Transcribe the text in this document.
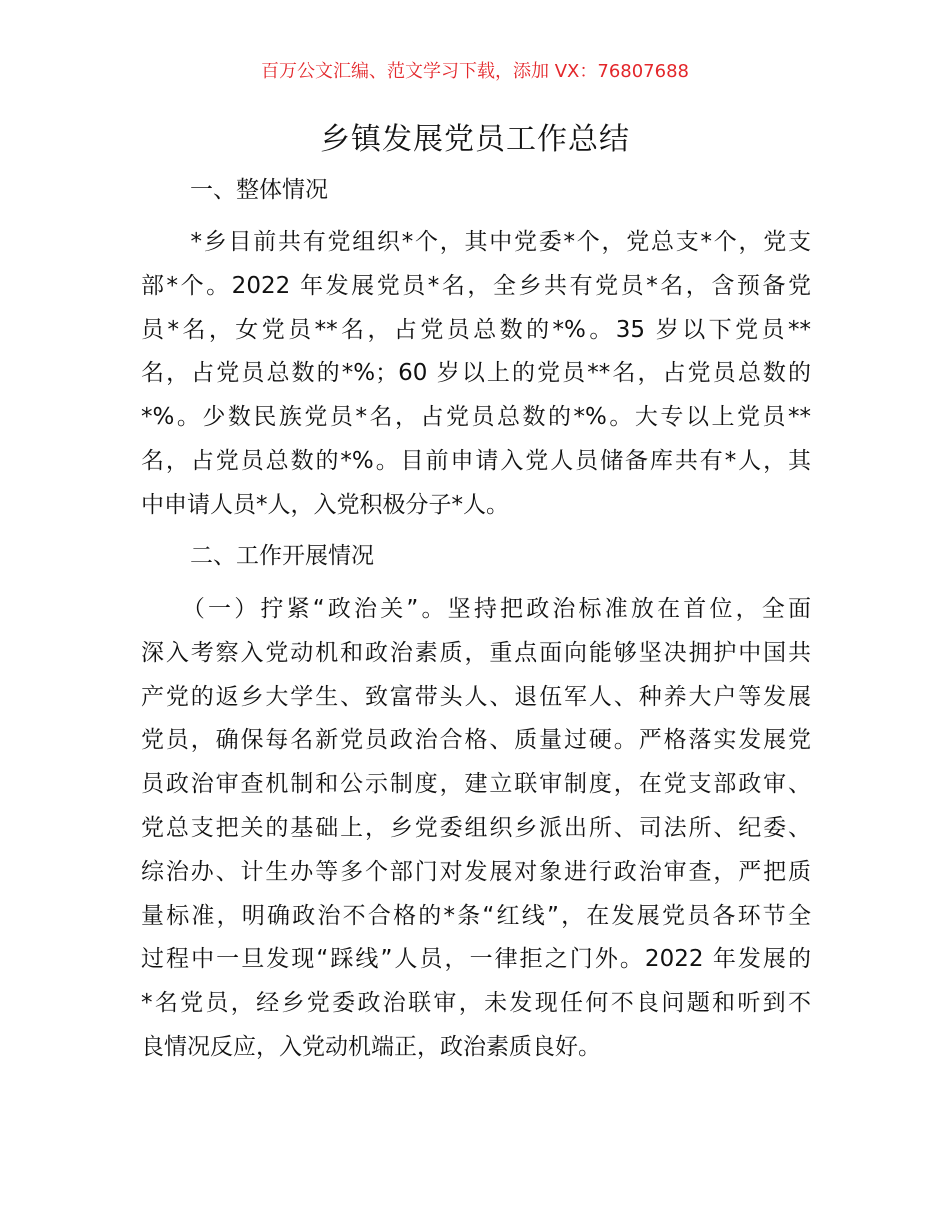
百万公文汇编、范文学习下载，添加 VX：76807688
乡镇发展党员工作总结
一、整体情况
　　*乡目前共有党组织*个，其中党委*个，党总支*个，党支
部*个。2022 年发展党员*名，全乡共有党员*名，含预备党
员*名，女党员**名，占党员总数的*%。35 岁以下党员**
名，占党员总数的*%；60 岁以上的党员**名，占党员总数的
*%。少数民族党员*名，占党员总数的*%。大专以上党员**
名，占党员总数的*%。目前申请入党人员储备库共有*人，其
中申请人员*人，入党积极分子*人。
二、工作开展情况
　　（一）拧紧“政治关”。坚持把政治标准放在首位，全面
深入考察入党动机和政治素质，重点面向能够坚决拥护中国共
产党的返乡大学生、致富带头人、退伍军人、种养大户等发展
党员，确保每名新党员政治合格、质量过硬。严格落实发展党
员政治审查机制和公示制度，建立联审制度，在党支部政审、
党总支把关的基础上，乡党委组织乡派出所、司法所、纪委、
综治办、计生办等多个部门对发展对象进行政治审查，严把质
量标准，明确政治不合格的*条“红线”，在发展党员各环节全
过程中一旦发现“踩线”人员，一律拒之门外。2022 年发展的
*名党员，经乡党委政治联审，未发现任何不良问题和听到不
良情况反应，入党动机端正，政治素质良好。
